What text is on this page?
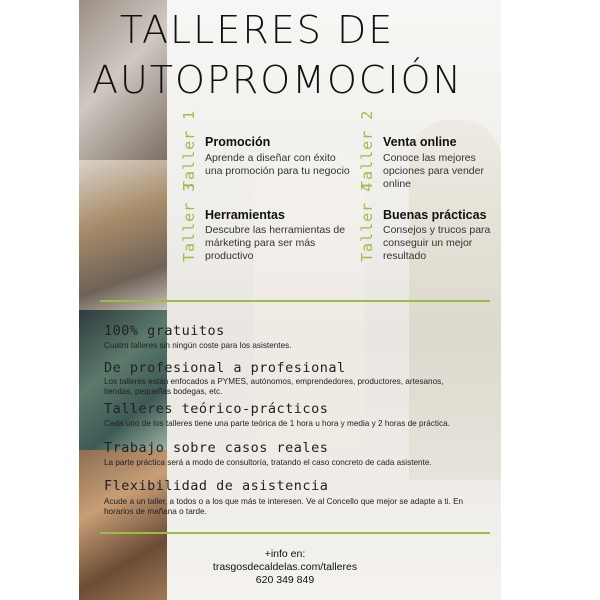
TALLERES DE
AUTOPROMOCIÓN
Taller 1 Promoción
Aprende a diseñar con éxito una promoción para tu negocio Taller 2 Venta online
Conoce las mejores opciones para vender online
Taller 3 Herramientas
Descubre las herramientas de márketing para ser más productivo	Taller 4 Buenas prácticas
Consejos y trucos para conseguir un mejor resultado
100% gratuitos
Cuatro talleres sin ningún coste para los asistentes.
De profesional a profesional
Los talleres están enfocados a PYMES, autónomos, emprendedores, productores, artesanos, tiendas, pequeñas bodegas, etc.
Talleres teórico-prácticos
Cada uno de los talleres tiene una parte teórica de 1 hora u hora y media y 2 horas de práctica.
Trabajo sobre casos reales
La parte práctica será a modo de consultoría, tratando el caso concreto de cada asistente.
Flexibilidad de asistencia
Acude a un taller, a todos o a los que más te interesen. Ve al Concello que mejor se adapte a ti. En horarios de mañana o tarde.
+info en:
trasgosdecaldelas.com/talleres
620 349 849
